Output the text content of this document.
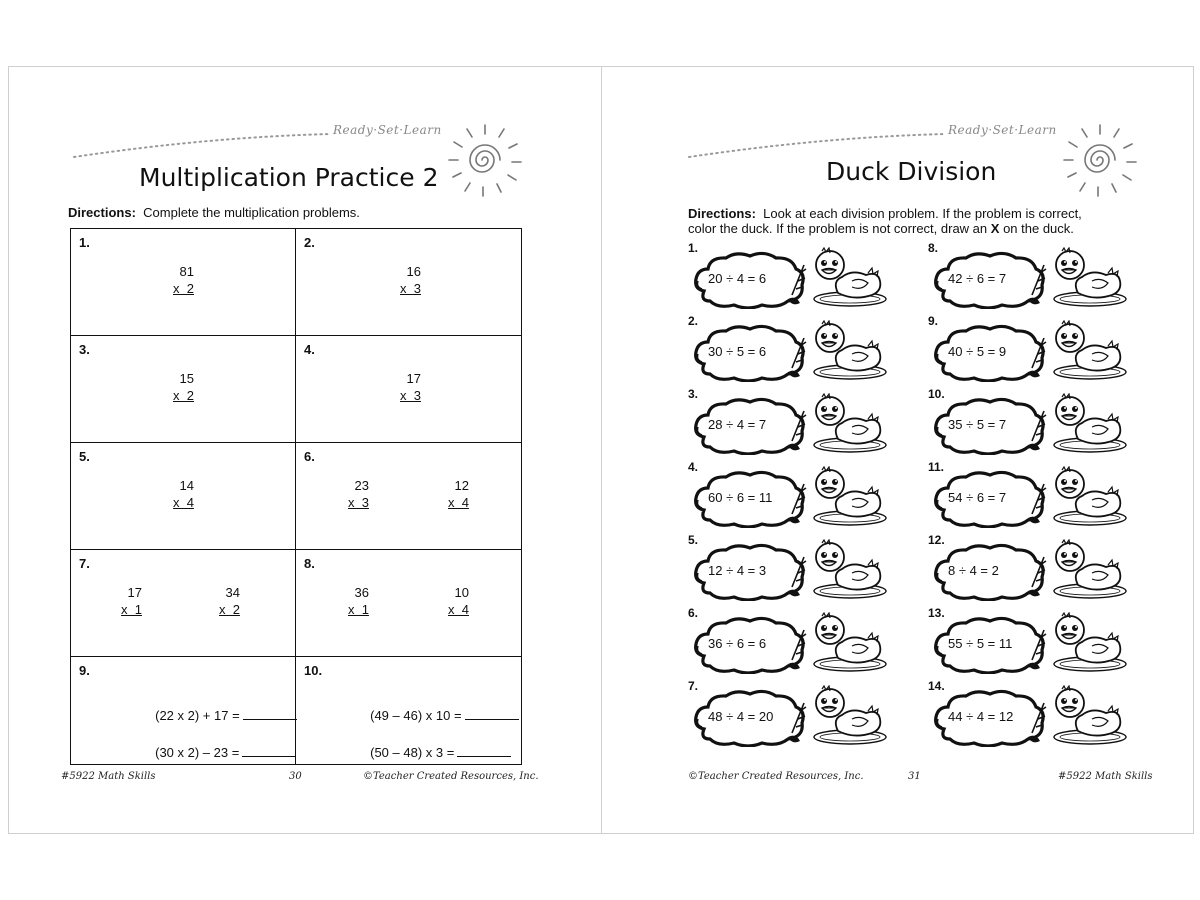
Ready·Set·Learn
Multiplication Practice 2
Directions: Complete the multiplication problems.
1.
81
x  2
2.
16
x  3
3.
15
x  2
4.
17
x  3
5.
14
x  4
6.
23
x  3
12
x  4
7.
17
x  1
34
x  2
8.
36
x  1
10
x  4
9.

(22 x 2) + 17 =

(30 x 2) – 23 =

10.

(49 – 46) x 10 =

(50 – 48) x 3 =

#5922 Math Skills	30	©Teacher Created Resources, Inc.
Ready·Set·Learn
Duck Division
Directions: Look at each division problem. If the problem is correct,
color the duck. If the problem is not correct, draw an X on the duck.
1.
20 ÷ 4 = 6
2.
30 ÷ 5 = 6
3.
28 ÷ 4 = 7
4.
60 ÷ 6 = 11
5.
12 ÷ 4 = 3
6.
36 ÷ 6 = 6
7.
48 ÷ 4 = 20
8.
42 ÷ 6 = 7
9.
40 ÷ 5 = 9
10.
35 ÷ 5 = 7
11.
54 ÷ 6 = 7
12.
8 ÷ 4 = 2
13.
55 ÷ 5 = 11
14.
44 ÷ 4 = 12
©Teacher Created Resources, Inc.	31	#5922 Math Skills
